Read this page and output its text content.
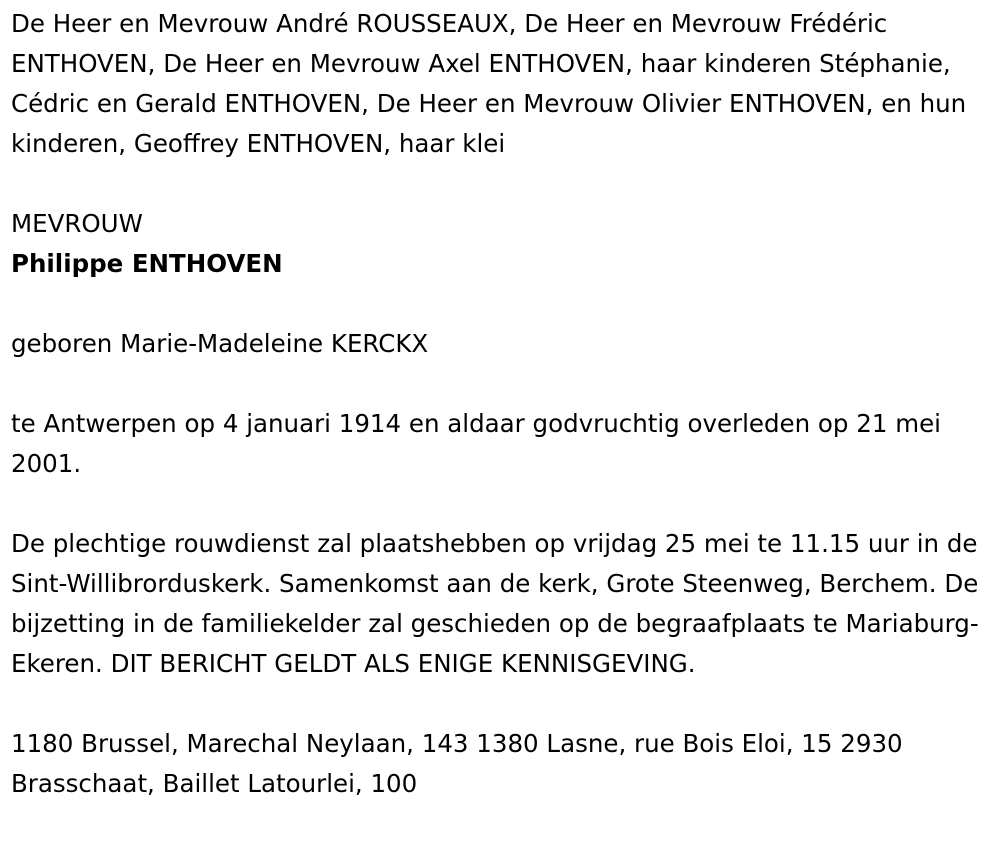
De Heer en Mevrouw André ROUSSEAUX, De Heer en Mevrouw Frédéric ENTHOVEN, De Heer en Mevrouw Axel ENTHOVEN, haar kinderen Stéphanie, Cédric en Gerald ENTHOVEN, De Heer en Mevrouw Olivier ENTHOVEN, en hun kinderen, Geoffrey ENTHOVEN, haar klei

MEVROUW

Philippe ENTHOVEN

geboren Marie-Madeleine KERCKX

te Antwerpen op 4 januari 1914 en aldaar godvruchtig overleden op 21 mei 2001.

De plechtige rouwdienst zal plaatshebben op vrijdag 25 mei te 11.15 uur in de Sint-Willibrorduskerk. Samenkomst aan de kerk, Grote Steenweg, Berchem. De bijzetting in de familiekelder zal geschieden op de begraafplaats te Mariaburg-Ekeren. DIT BERICHT GELDT ALS ENIGE KENNISGEVING.

1180 Brussel, Marechal Neylaan, 143 1380 Lasne, rue Bois Eloi, 15 2930 Brasschaat, Baillet Latourlei, 100
